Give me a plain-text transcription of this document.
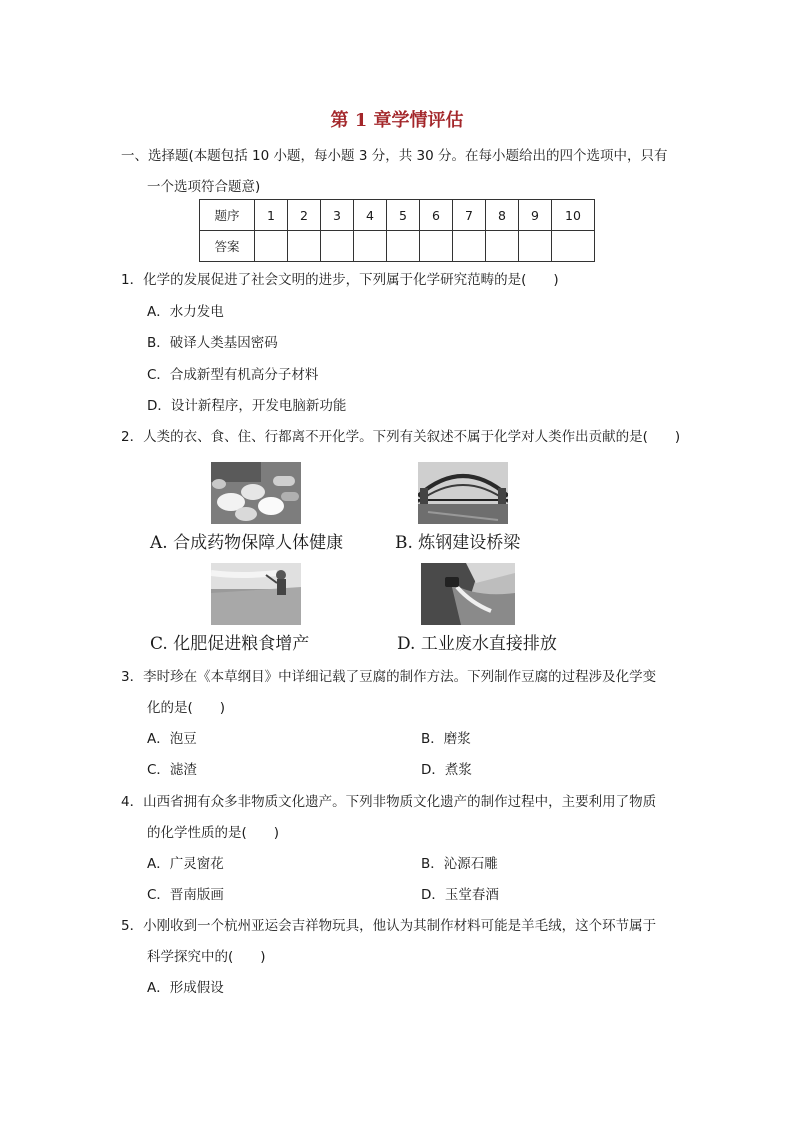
第 1 章学情评估
一、选择题(本题包括 10 小题，每小题 3 分，共 30 分。在每小题给出的四个选项中，只有
一个选项符合题意)
题序	1	2	3	4	5	6	7	8	9	10
答案										
1．化学的发展促进了社会文明的进步，下列属于化学研究范畴的是(　　)
A．水力发电
B．破译人类基因密码
C．合成新型有机高分子材料
D．设计新程序，开发电脑新功能
2．人类的衣、食、住、行都离不开化学。下列有关叙述不属于化学对人类作出贡献的是(　　)
A. 合成药物保障人体健康	B. 炼钢建设桥梁
C. 化肥促进粮食增产	D. 工业废水直接排放
3．李时珍在《本草纲目》中详细记载了豆腐的制作方法。下列制作豆腐的过程涉及化学变
化的是(　　)
A．泡豆	B．磨浆
C．滤渣	D．煮浆
4．山西省拥有众多非物质文化遗产。下列非物质文化遗产的制作过程中，主要利用了物质
的化学性质的是(　　)
A．广灵窗花	B．沁源石雕
C．晋南版画	D．玉堂春酒
5．小刚收到一个杭州亚运会吉祥物玩具，他认为其制作材料可能是羊毛绒，这个环节属于
科学探究中的(　　)
A．形成假设
